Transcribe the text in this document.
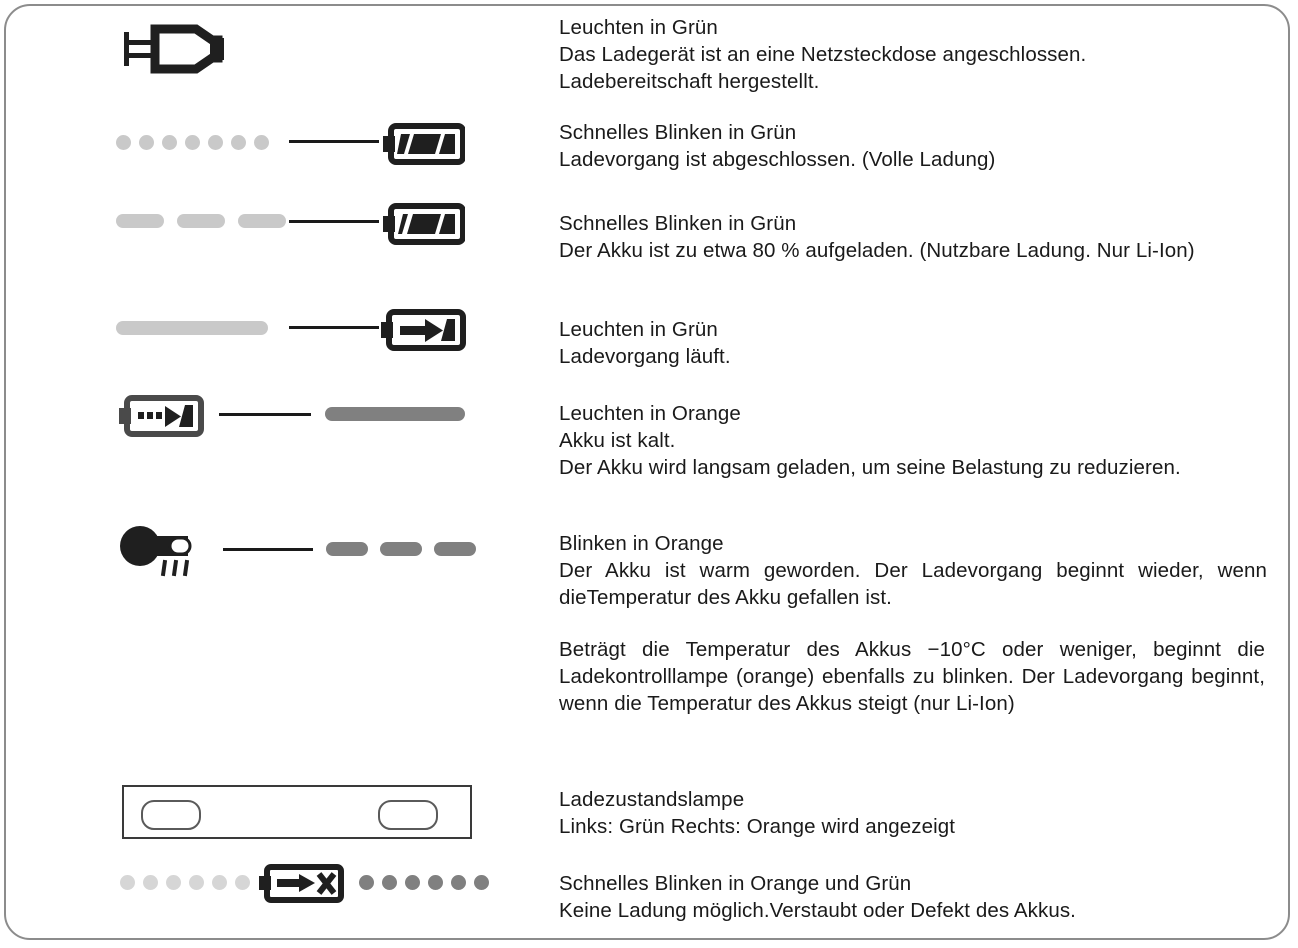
Leuchten in Grün

Das Ladegerät ist an eine Netzsteckdose angeschlossen.

Ladebereitschaft hergestellt.

Schnelles Blinken in Grün

Ladevorgang ist abgeschlossen. (Volle Ladung)

Schnelles Blinken in Grün

Der Akku ist zu etwa 80 % aufgeladen. (Nutzbare Ladung. Nur Li-Ion)

Leuchten in Grün

Ladevorgang läuft.

Leuchten in Orange

Akku ist kalt.

Der Akku wird langsam geladen, um seine Belastung zu reduzieren.

Blinken in Orange

Der Akku ist warm geworden. Der Ladevorgang beginnt wieder, wenn dieTemperatur des Akku gefallen ist.

Beträgt die Temperatur des Akkus −10°C oder weniger, beginnt die Ladekontrolllampe (orange) ebenfalls zu blinken. Der Ladevorgang beginnt, wenn die Temperatur des Akkus steigt (nur Li-Ion)

Ladezustandslampe

Links: Grün Rechts: Orange wird angezeigt

Schnelles Blinken in Orange und Grün

Keine Ladung möglich.Verstaubt oder Defekt des Akkus.
